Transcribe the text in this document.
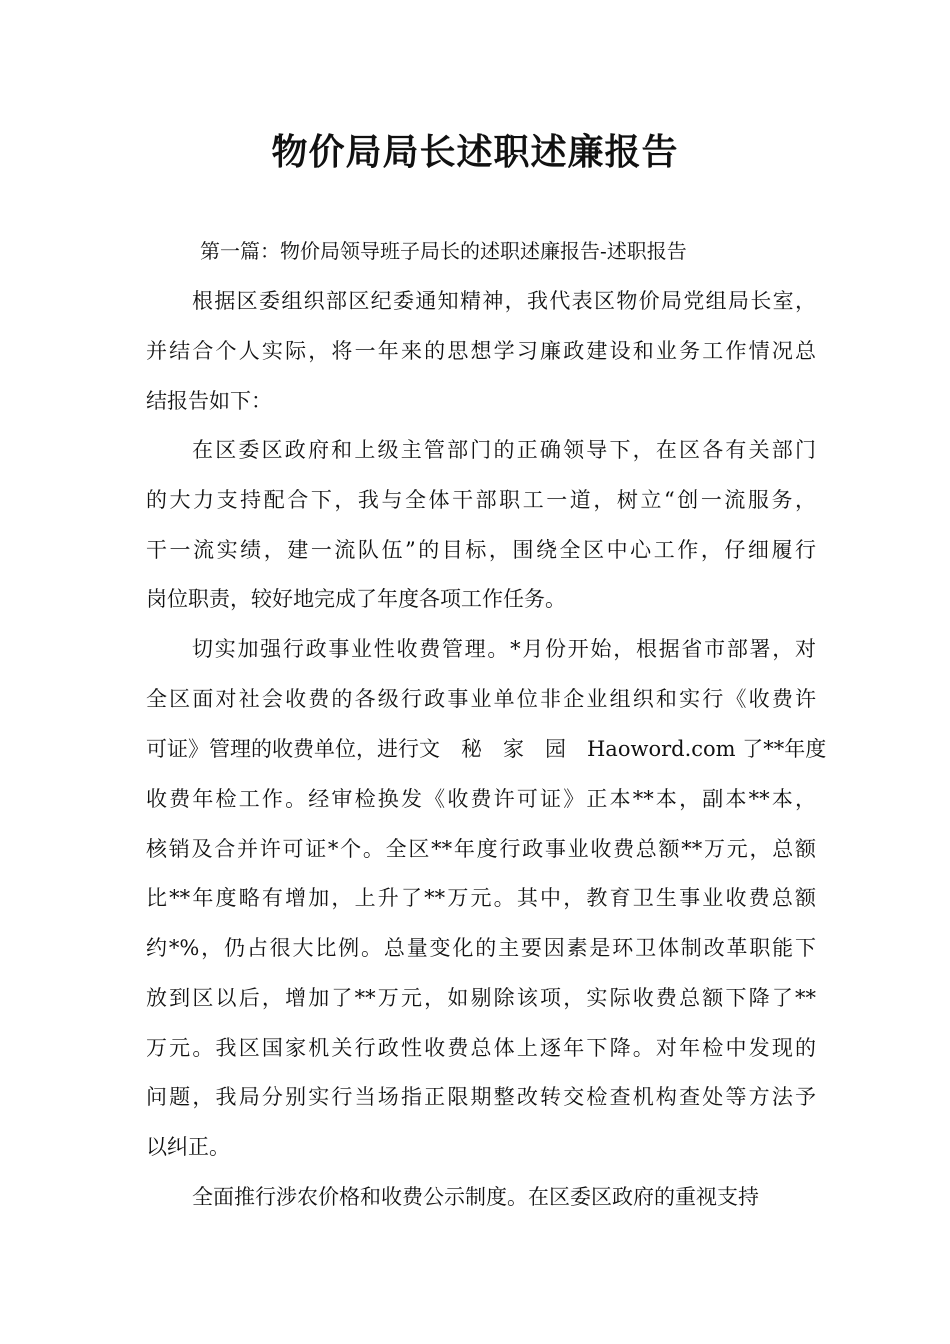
物价局局长述职述廉报告

第一篇：物价局领导班子局长的述职述廉报告-述职报告

根据区委组织部区纪委通知精神，我代表区物价局党组局长室，

并结合个人实际，将一年来的思想学习廉政建设和业务工作情况总

结报告如下：

在区委区政府和上级主管部门的正确领导下，在区各有关部门

的大力支持配合下，我与全体干部职工一道，树立“创一流服务，

干一流实绩，建一流队伍”的目标，围绕全区中心工作，仔细履行

岗位职责，较好地完成了年度各项工作任务。

切实加强行政事业性收费管理。*月份开始，根据省市部署，对

全区面对社会收费的各级行政事业单位非企业组织和实行《收费许

可证》管理的收费单位，进行文　秘　家　园　Haoword.com 了**年度

收费年检工作。经审检换发《收费许可证》正本**本，副本**本，

核销及合并许可证*个。全区**年度行政事业收费总额**万元，总额

比**年度略有增加，上升了**万元。其中，教育卫生事业收费总额

约*%，仍占很大比例。总量变化的主要因素是环卫体制改革职能下

放到区以后，增加了**万元，如剔除该项，实际收费总额下降了**

万元。我区国家机关行政性收费总体上逐年下降。对年检中发现的

问题，我局分别实行当场指正限期整改转交检查机构查处等方法予

以纠正。

全面推行涉农价格和收费公示制度。在区委区政府的重视支持
